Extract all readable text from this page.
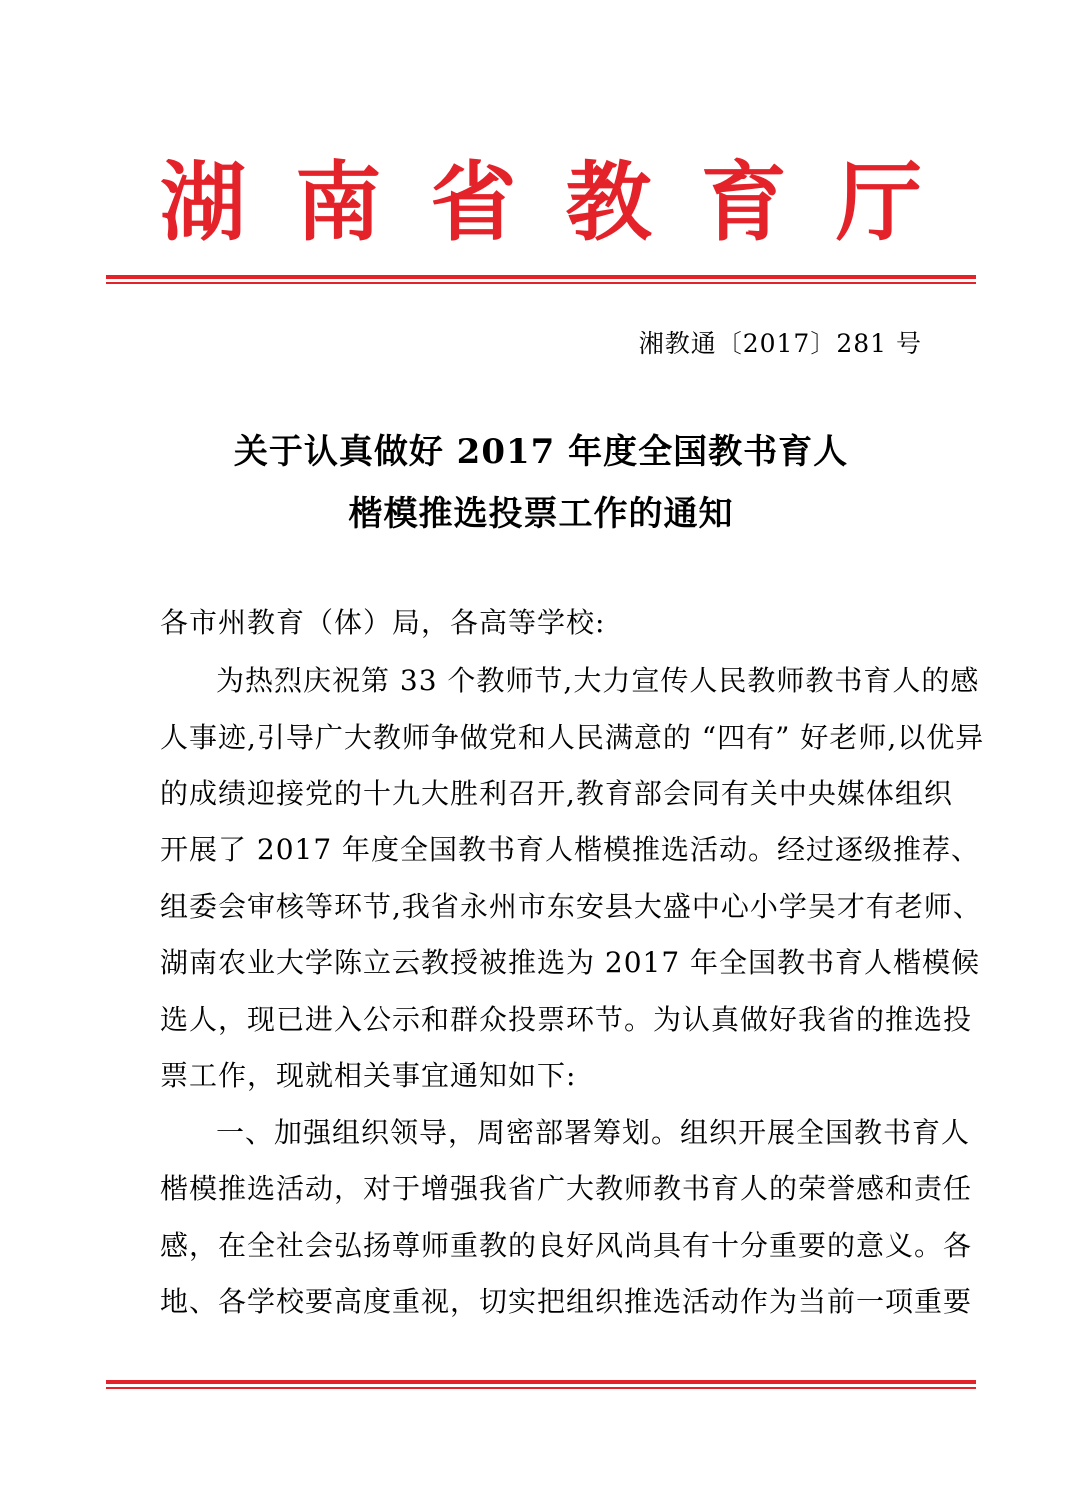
湖 南 省 教 育 厅
湘教通〔2017〕281 号
关于认真做好 2017 年度全国教书育人
楷模推选投票工作的通知
各市州教育（体）局，各高等学校:
为热烈庆祝第 33 个教师节,大力宣传人民教师教书育人的感
人事迹,引导广大教师争做党和人民满意的 “四有” 好老师,以优异
的成绩迎接党的十九大胜利召开,教育部会同有关中央媒体组织
开展了 2017 年度全国教书育人楷模推选活动。经过逐级推荐、
组委会审核等环节,我省永州市东安县大盛中心小学吴才有老师、
湖南农业大学陈立云教授被推选为 2017 年全国教书育人楷模候
选人，现已进入公示和群众投票环节。为认真做好我省的推选投
票工作，现就相关事宜通知如下:
一、加强组织领导，周密部署筹划。组织开展全国教书育人
楷模推选活动，对于增强我省广大教师教书育人的荣誉感和责任
感，在全社会弘扬尊师重教的良好风尚具有十分重要的意义。各
地、各学校要高度重视，切实把组织推选活动作为当前一项重要
